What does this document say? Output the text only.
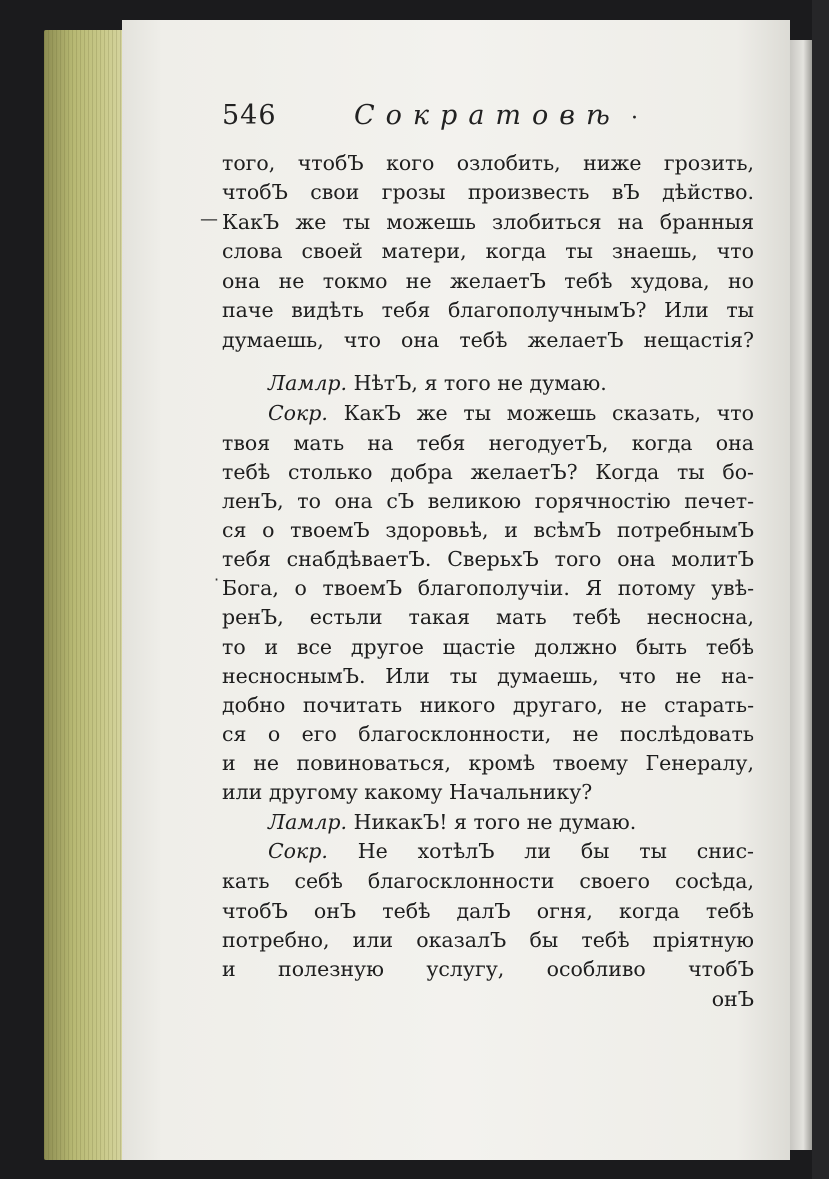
546	Сократовѣ ·
—
·
того, чтобЪ кого озлобить, ниже грозить,
чтобЪ свои грозы произвесть вЪ дѣйство.
КакЪ же ты можешь злобиться на бранныя
слова своей матери, когда ты знаешь, что
она не токмо не желаетЪ тебѣ худова, но
паче видѣть тебя благополучнымЪ? Или ты
думаешь, что она тебѣ желаетЪ нещастія?
Ламлр. НѣтЪ, я того не думаю.
Сокр. КакЪ же ты можешь сказать, что
твоя мать на тебя негодуетЪ, когда она
тебѣ столько добра желаетЪ? Когда ты бо-
ленЪ, то она сЪ великою горячностію печет-
ся о твоемЪ здоровьѣ, и всѣмЪ потребнымЪ
тебя снабдѣваетЪ. СверьхЪ того она молитЪ
Бога, о твоемЪ благополучіи. Я потому увѣ-
ренЪ, естьли такая мать тебѣ несносна,
то и все другое щастіе должно быть тебѣ
несноснымЪ. Или ты думаешь, что не на-
добно почитать никого другаго, не старать-
ся о его благосклонности, не послѣдовать
и не повиноваться, кромѣ твоему Генералу,
или другому какому Начальнику?
Ламлр. НикакЪ! я того не думаю.
Сокр. Не хотѣлЪ ли бы ты снис-
кать себѣ благосклонности своего сосѣда,
чтобЪ онЪ тебѣ далЪ огня, когда тебѣ
потребно, или оказалЪ бы тебѣ пріятную
и полезную услугу, особливо чтобЪ
онЪ
